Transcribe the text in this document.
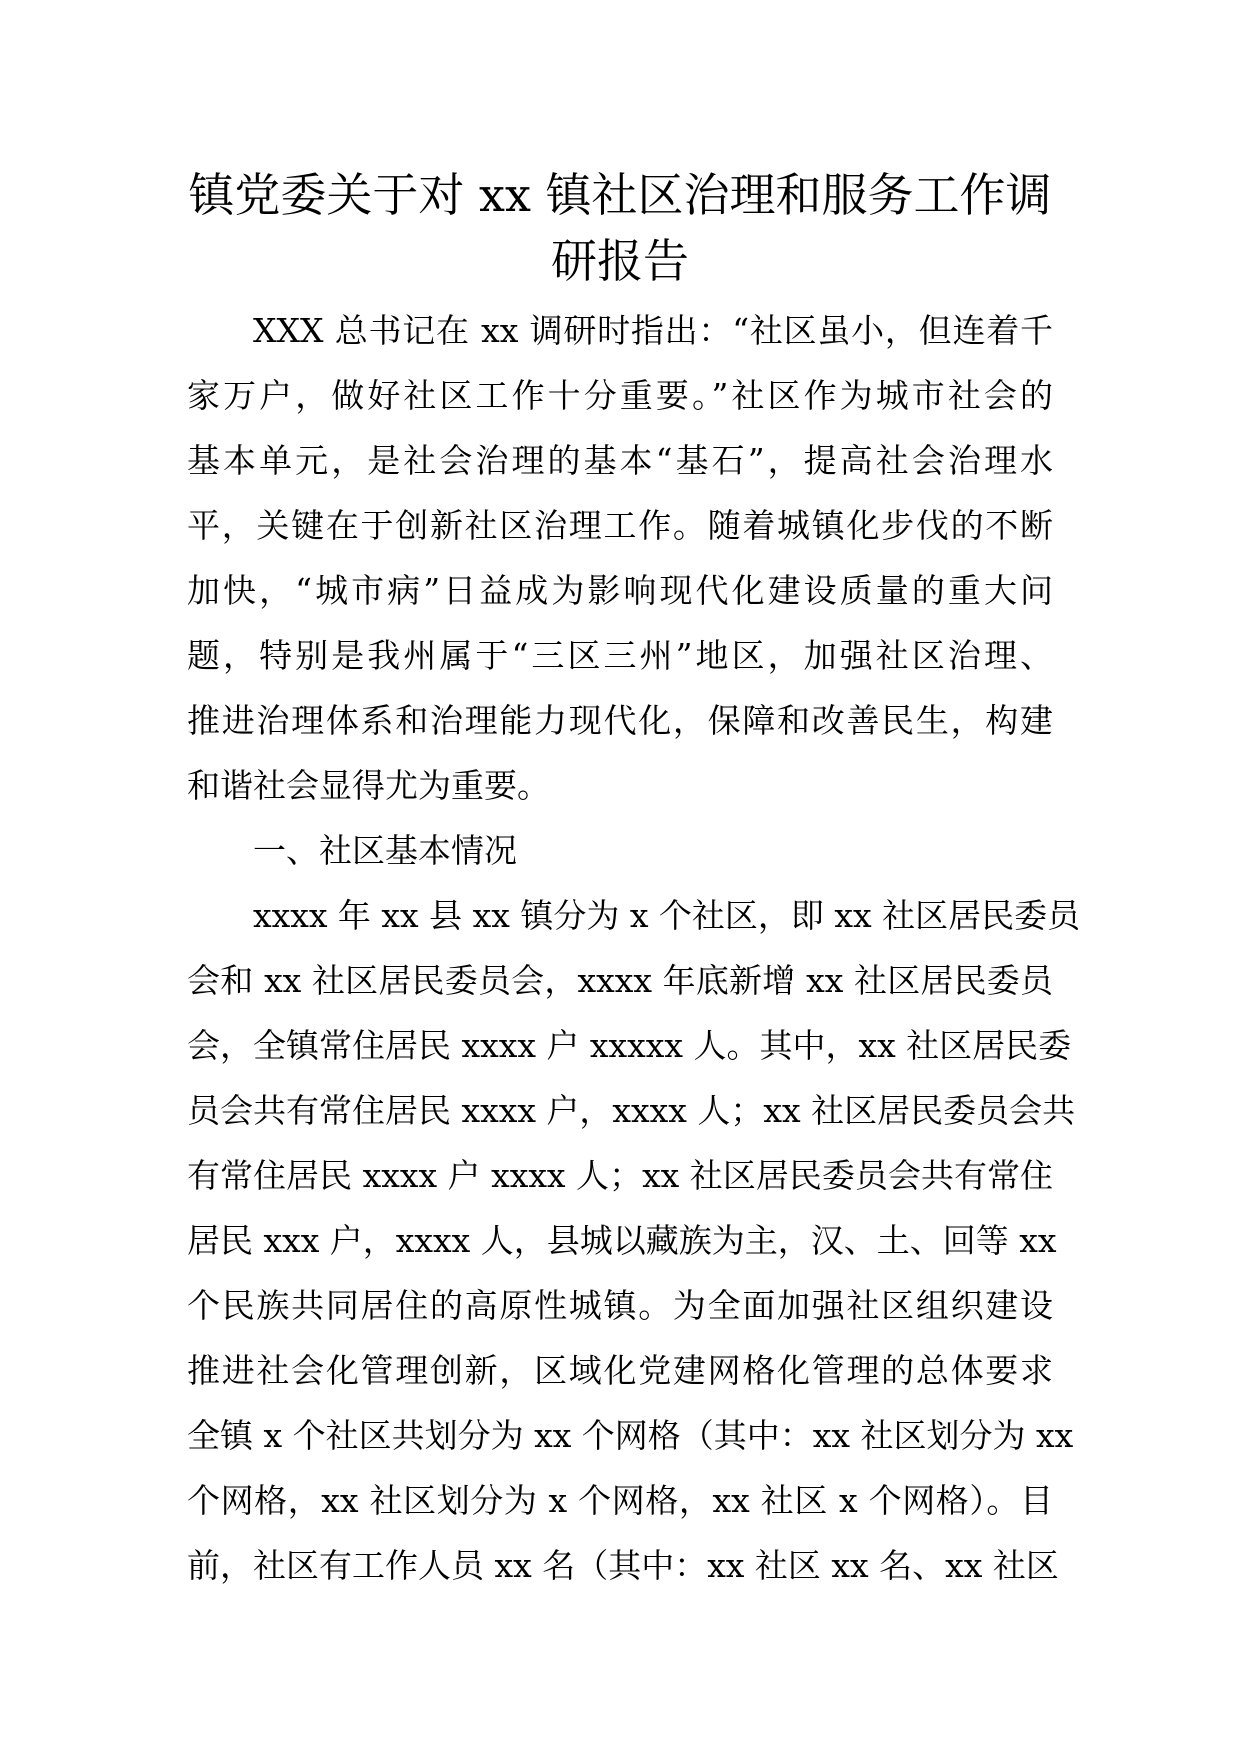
镇党委关于对 xx 镇社区治理和服务工作调
研报告
XXX 总书记在 xx 调研时指出：“社区虽小，但连着千
家万户，做好社区工作十分重要。”社区作为城市社会的
基本单元，是社会治理的基本“基石”，提高社会治理水
平，关键在于创新社区治理工作。随着城镇化步伐的不断
加快，“城市病”日益成为影响现代化建设质量的重大问
题，特别是我州属于“三区三州”地区，加强社区治理、
推进治理体系和治理能力现代化，保障和改善民生，构建
和谐社会显得尤为重要。
一、社区基本情况
xxxx 年 xx 县 xx 镇分为 x 个社区，即 xx 社区居民委员
会和 xx 社区居民委员会，xxxx 年底新增 xx 社区居民委员
会，全镇常住居民 xxxx 户 xxxxx 人。其中，xx 社区居民委
员会共有常住居民 xxxx 户，xxxx 人；xx 社区居民委员会共
有常住居民 xxxx 户 xxxx 人；xx 社区居民委员会共有常住
居民 xxx 户，xxxx 人，县城以藏族为主，汉、土、回等 xx
个民族共同居住的高原性城镇。为全面加强社区组织建设
推进社会化管理创新，区域化党建网格化管理的总体要求
全镇 x 个社区共划分为 xx 个网格（其中：xx 社区划分为 xx
个网格，xx 社区划分为 x 个网格，xx 社区 x 个网格）。目
前，社区有工作人员 xx 名（其中：xx 社区 xx 名、xx 社区
